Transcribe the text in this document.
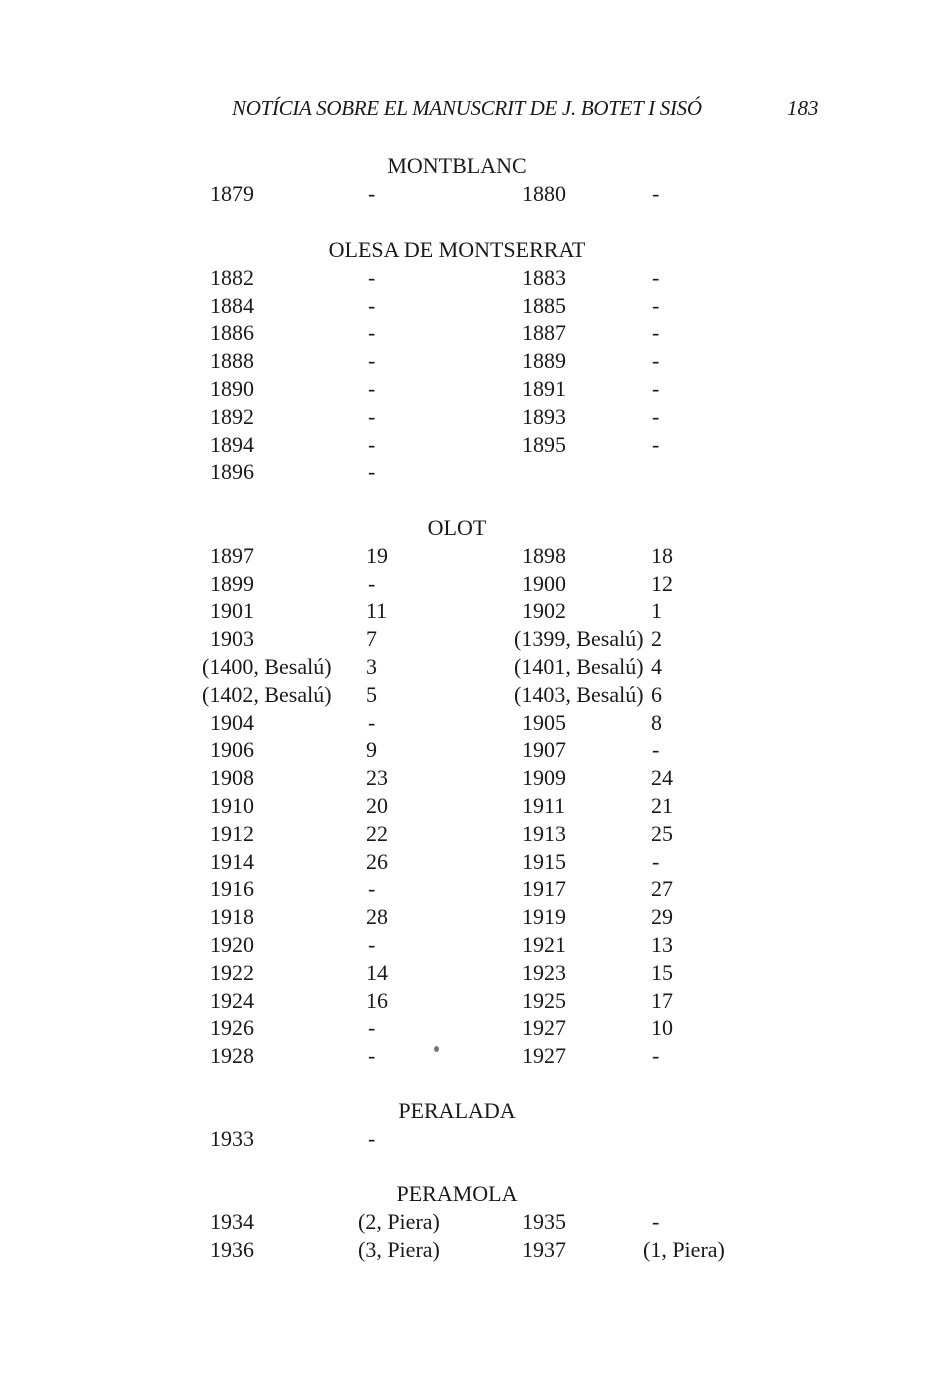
NOTÍCIA SOBRE EL MANUSCRIT DE J. BOTET I SISÓ	183
MONTBLANC
1879	-	1880	-
OLESA DE MONTSERRAT
1882	-	1883	-
1884	-	1885	-
1886	-	1887	-
1888	-	1889	-
1890	-	1891	-
1892	-	1893	-
1894	-	1895	-
1896	-
OLOT
1897	19	1898	18
1899	-	1900	12
1901	11	1902	1
1903	7	(1399, Besalú) 2
(1400, Besalú) 3	(1401, Besalú) 4
(1402, Besalú) 5	(1403, Besalú) 6
1904	-	1905	8
1906	9	1907	-
1908	23	1909	24
1910	20	1911	21
1912	22	1913	25
1914	26	1915	-
1916	-	1917	27
1918	28	1919	29
1920	-	1921	13
1922	14	1923	15
1924	16	1925	17
1926	-	1927	10
1928	-	1927	-
PERALADA
1933	-
PERAMOLA
1934	(2, Piera)	1935	-
1936	(3, Piera)	1937	(1, Piera)
